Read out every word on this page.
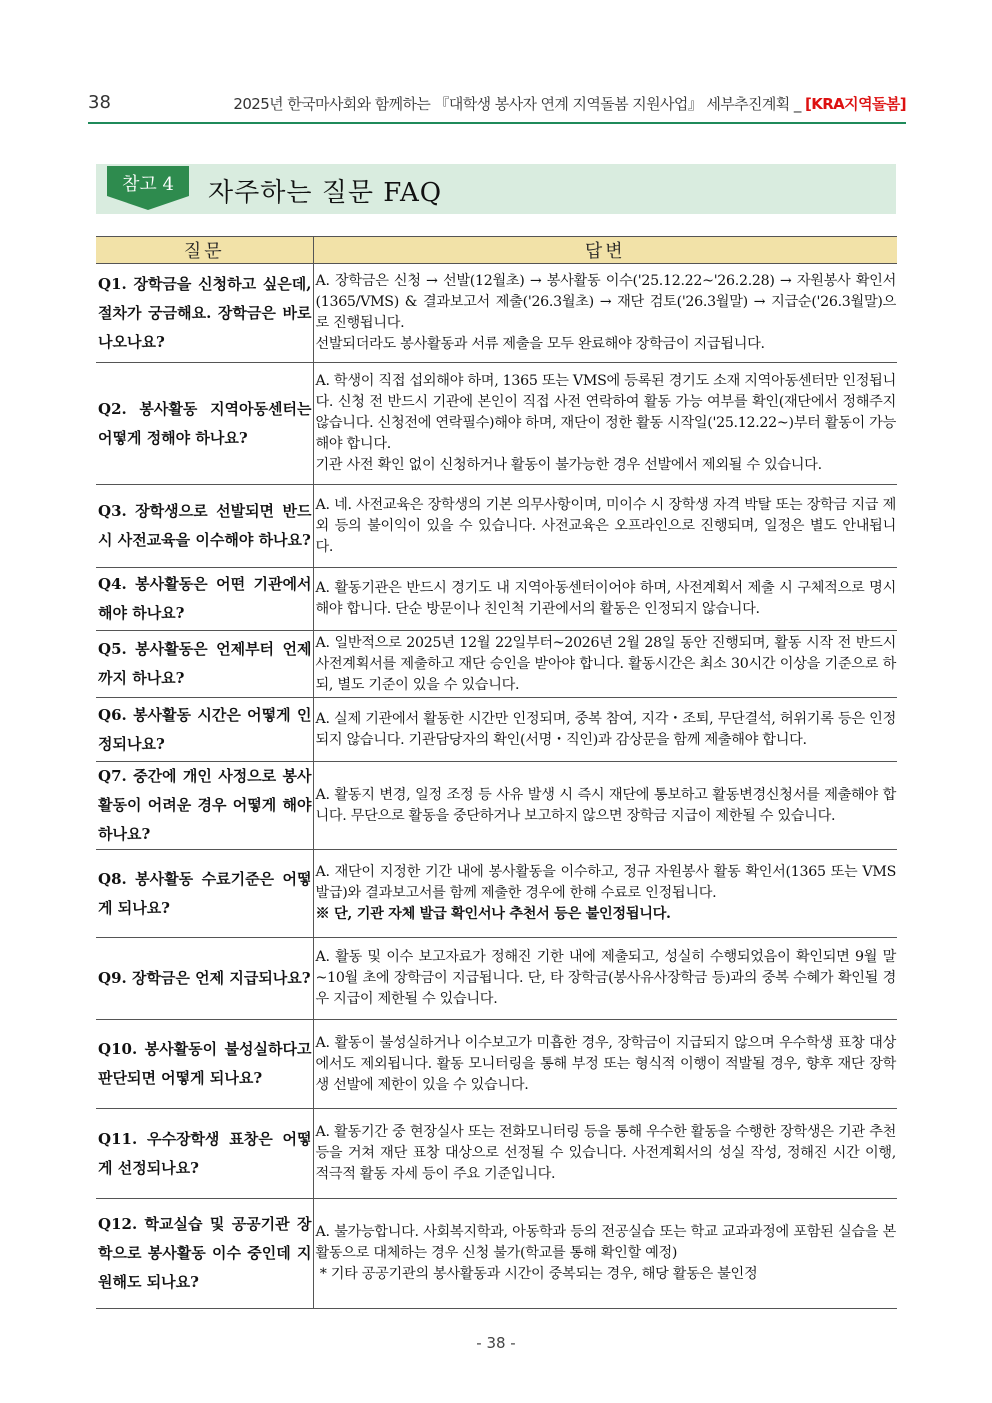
38	2025년 한국마사회와 함께하는 『대학생 봉사자 연계 지역돌봄 지원사업』 세부추진계획 _ [KRA지역돌봄]
참고 4	자주하는 질문 FAQ
질문	답변
Q1. 장학금을 신청하고 싶은데, 절차가 궁금해요. 장학금은 바로 나오나요?	A. 장학금은 신청 → 선발(12월초) → 봉사활동 이수('25.12.22~'26.2.28) → 자원봉사 확인서(1365/VMS) & 결과보고서 제출('26.3월초) → 재단 검토('26.3월말) → 지급순('26.3월말)으로 진행됩니다.
선발되더라도 봉사활동과 서류 제출을 모두 완료해야 장학금이 지급됩니다.

Q2. 봉사활동 지역아동센터는 어떻게 정해야 하나요?	A. 학생이 직접 섭외해야 하며, 1365 또는 VMS에 등록된 경기도 소재 지역아동센터만 인정됩니다. 신청 전 반드시 기관에 본인이 직접 사전 연락하여 활동 가능 여부를 확인(재단에서 정해주지 않습니다. 신청전에 연락필수)해야 하며, 재단이 정한 활동 시작일('25.12.22~)부터 활동이 가능해야 합니다.
기관 사전 확인 없이 신청하거나 활동이 불가능한 경우 선발에서 제외될 수 있습니다.

Q3. 장학생으로 선발되면 반드시 사전교육을 이수해야 하나요?	A. 네. 사전교육은 장학생의 기본 의무사항이며, 미이수 시 장학생 자격 박탈 또는 장학금 지급 제외 등의 불이익이 있을 수 있습니다. 사전교육은 오프라인으로 진행되며, 일정은 별도 안내됩니다.

Q4. 봉사활동은 어떤 기관에서 해야 하나요?	A. 활동기관은 반드시 경기도 내 지역아동센터이어야 하며, 사전계획서 제출 시 구체적으로 명시해야 합니다. 단순 방문이나 친인척 기관에서의 활동은 인정되지 않습니다.

Q5. 봉사활동은 언제부터 언제까지 하나요?	A. 일반적으로 2025년 12월 22일부터~2026년 2월 28일 동안 진행되며, 활동 시작 전 반드시 사전계획서를 제출하고 재단 승인을 받아야 합니다. 활동시간은 최소 30시간 이상을 기준으로 하되, 별도 기준이 있을 수 있습니다.

Q6. 봉사활동 시간은 어떻게 인정되나요?	A. 실제 기관에서 활동한 시간만 인정되며, 중복 참여, 지각・조퇴, 무단결석, 허위기록 등은 인정되지 않습니다. 기관담당자의 확인(서명・직인)과 감상문을 함께 제출해야 합니다.

Q7. 중간에 개인 사정으로 봉사활동이 어려운 경우 어떻게 해야 하나요?	A. 활동지 변경, 일정 조정 등 사유 발생 시 즉시 재단에 통보하고 활동변경신청서를 제출해야 합니다. 무단으로 활동을 중단하거나 보고하지 않으면 장학금 지급이 제한될 수 있습니다.

Q8. 봉사활동 수료기준은 어떻게 되나요?	A. 재단이 지정한 기간 내에 봉사활동을 이수하고, 정규 자원봉사 활동 확인서(1365 또는 VMS 발급)와 결과보고서를 함께 제출한 경우에 한해 수료로 인정됩니다.
※ 단, 기관 자체 발급 확인서나 추천서 등은 불인정됩니다.

Q9. 장학금은 언제 지급되나요?	A. 활동 및 이수 보고자료가 정해진 기한 내에 제출되고, 성실히 수행되었음이 확인되면 9월 말~10월 초에 장학금이 지급됩니다. 단, 타 장학금(봉사유사장학금 등)과의 중복 수혜가 확인될 경우 지급이 제한될 수 있습니다.

Q10. 봉사활동이 불성실하다고 판단되면 어떻게 되나요?	A. 활동이 불성실하거나 이수보고가 미흡한 경우, 장학금이 지급되지 않으며 우수학생 표창 대상에서도 제외됩니다. 활동 모니터링을 통해 부정 또는 형식적 이행이 적발될 경우, 향후 재단 장학생 선발에 제한이 있을 수 있습니다.

Q11. 우수장학생 표창은 어떻게 선정되나요?	A. 활동기간 중 현장실사 또는 전화모니터링 등을 통해 우수한 활동을 수행한 장학생은 기관 추천 등을 거쳐 재단 표창 대상으로 선정될 수 있습니다. 사전계획서의 성실 작성, 정해진 시간 이행, 적극적 활동 자세 등이 주요 기준입니다.

Q12. 학교실습 및 공공기관 장학으로 봉사활동 이수 중인데 지원해도 되나요?	A. 불가능합니다. 사회복지학과, 아동학과 등의 전공실습 또는 학교 교과과정에 포함된 실습을 본 활동으로 대체하는 경우 신청 불가(학교를 통해 확인할 예정)
* 기타 공공기관의 봉사활동과 시간이 중복되는 경우, 해당 활동은 불인정
- 38 -
